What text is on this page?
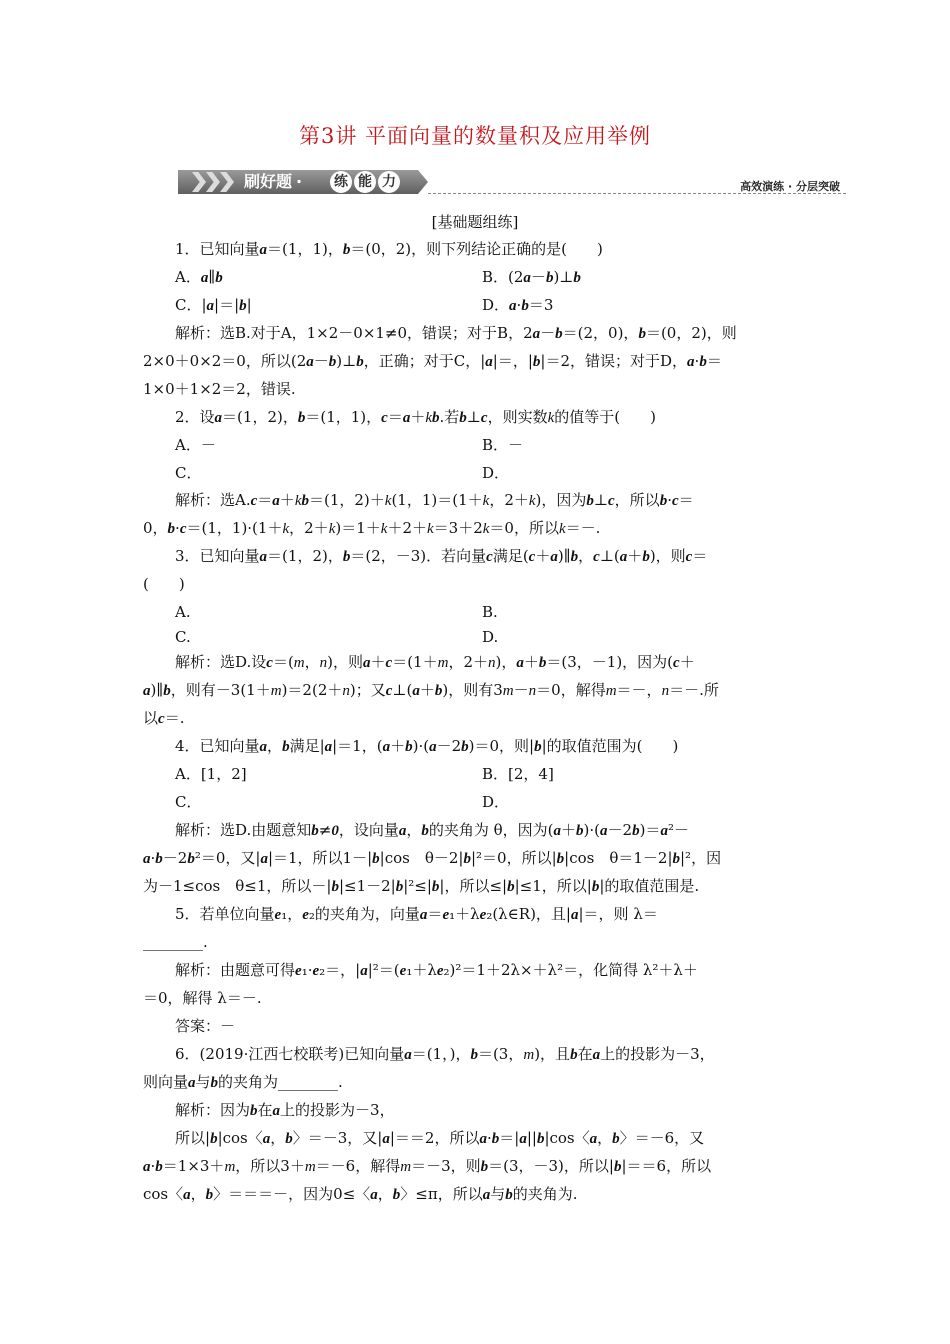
第3讲 平面向量的数量积及应用举例
刷好题 · 练 能 力	高效演练 · 分层突破
[基础题组练]
1．已知向量a＝(1，1)，b＝(0，2)，则下列结论正确的是(　　)
A．a∥b	B．(2a－b)⊥b
C．|a|＝|b|	D．a·b＝3
解析：选B.对于A，1×2－0×1≠0，错误；对于B，2a－b＝(2，0)，b＝(0，2)，则
2×0＋0×2＝0，所以(2a－b)⊥b，正确；对于C，|a|＝，|b|＝2，错误；对于D，a·b＝
1×0＋1×2＝2，错误.
2．设a＝(1，2)，b＝(1，1)，c＝a＋kb.若b⊥c，则实数k的值等于(　　)
A．－	B．－
C．	D．
解析：选A.c＝a＋kb＝(1，2)＋k(1，1)＝(1＋k，2＋k)，因为b⊥c，所以b·c＝
0，b·c＝(1，1)·(1＋k，2＋k)＝1＋k＋2＋k＝3＋2k＝0，所以k＝－.
3．已知向量a＝(1，2)，b＝(2，－3)．若向量c满足(c＋a)∥b，c⊥(a＋b)，则c＝
(　　)
A.	B.
C.	D.
解析：选D.设c＝(m，n)，则a＋c＝(1＋m，2＋n)，a＋b＝(3，－1)，因为(c＋
a)∥b，则有－3(1＋m)＝2(2＋n)；又c⊥(a＋b)，则有3m－n＝0，解得m＝－，n＝－.所
以c＝.
4．已知向量a，b满足|a|＝1，(a＋b)·(a－2b)＝0，则|b|的取值范围为(　　)
A．[1，2]	B．[2，4]
C．	D．
解析：选D.由题意知b≠0，设向量a，b的夹角为 θ，因为(a＋b)·(a－2b)＝a²－
a·b－2b²＝0，又|a|＝1，所以1－|b|cos　θ－2|b|²＝0，所以|b|cos　θ＝1－2|b|²，因
为－1≤cos　θ≤1，所以－|b|≤1－2|b|²≤|b|，所以≤|b|≤1，所以|b|的取值范围是.
5．若单位向量e₁，e₂的夹角为，向量a＝e₁＋λe₂(λ∈R)，且|a|＝，则 λ＝
________.
解析：由题意可得e₁·e₂＝，|a|²＝(e₁＋λe₂)²＝1＋2λ×＋λ²＝，化简得 λ²＋λ＋
＝0，解得 λ＝－.
答案：－
6．(2019·江西七校联考)已知向量a＝(1，)，b＝(3，m)，且b在a上的投影为－3，
则向量a与b的夹角为________.
解析：因为b在a上的投影为－3，
所以|b|cos〈a，b〉＝－3，又|a|＝＝2，所以a·b＝|a||b|cos〈a，b〉＝－6，又
a·b＝1×3＋m，所以3＋m＝－6，解得m＝－3，则b＝(3，－3)，所以|b|＝＝6，所以
cos〈a，b〉＝＝＝－，因为0≤〈a，b〉≤π，所以a与b的夹角为.
